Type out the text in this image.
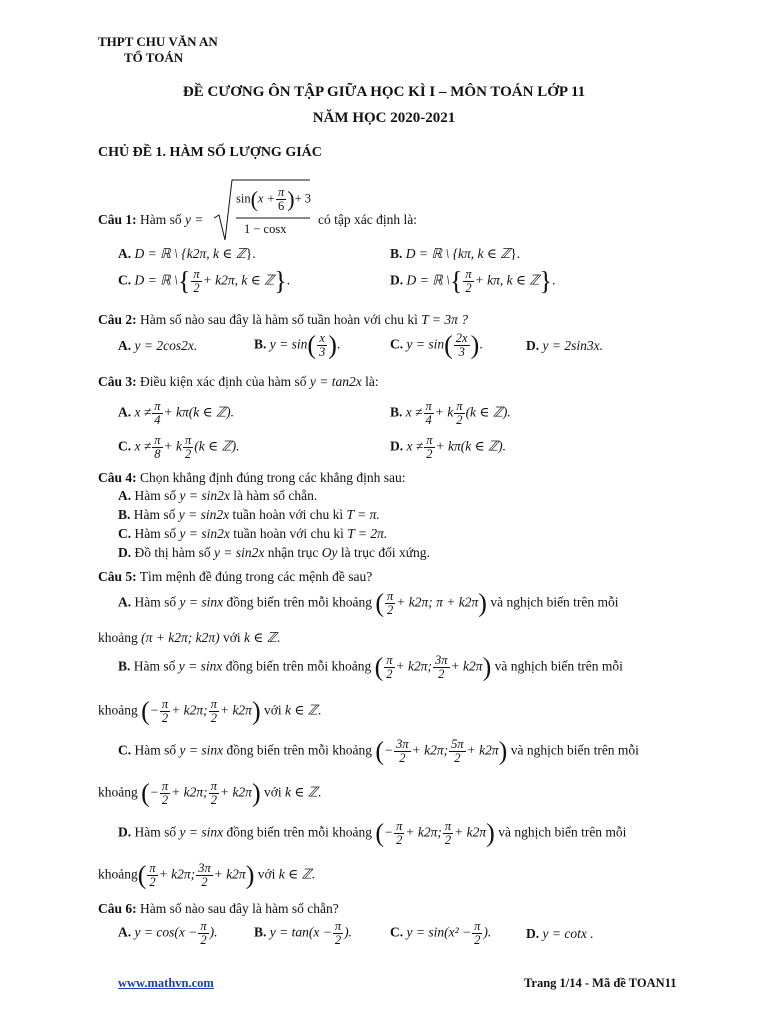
THPT CHU VĂN AN
TỔ TOÁN
ĐỀ CƯƠNG ÔN TẬP GIỮA HỌC KÌ I – MÔN TOÁN LỚP 11
NĂM HỌC 2020-2021
CHỦ ĐỀ 1. HÀM SỐ LƯỢNG GIÁC
Câu 1: Hàm số y =
$\sin(x + \frac{\pi}{6}$ )+ 3
1 − cosx
có tập xác định là:
A. D = ℝ \ {k2π, k ∈ ℤ}.	B. D = ℝ \ {kπ, k ∈ ℤ}.
C. D = ℝ \{ $\frac{\pi}{2} + k2\pi$, k ∈ ℤ}.	D. D = ℝ \{ $\frac{\pi}{2} + k\pi$, k ∈ ℤ}.
Câu 2: Hàm số nào sau đây là hàm số tuần hoàn với chu kì T = 3π ?
A. y = 2cos2x.	B. $y = \sin( \frac{x}{3}$ ).	C. $y = \sin( \frac{2x}{3}$ ).	D. y = 2sin3x.
Câu 3: Điều kiện xác định của hàm số y = tan2x là:
A. $x \ne \frac{\pi}{4} + k\pi(k$ ∈ ℤ).	B. $x \ne \frac{\pi}{4} + k \frac{\pi}{2} (k$ ∈ ℤ).
C. $x \ne \frac{\pi}{8} + k \frac{\pi}{2} (k$ ∈ ℤ).	D. $x \ne \frac{\pi}{2} + k\pi(k$ ∈ ℤ).
Câu 4: Chọn khẳng định đúng trong các khẳng định sau:
A. Hàm số y = sin2x là hàm số chẵn.
B. Hàm số y = sin2x tuần hoàn với chu kì T = π.
C. Hàm số y = sin2x tuần hoàn với chu kì T = 2π.
D. Đồ thị hàm số y = sin2x nhận trục Oy là trục đối xứng.
Câu 5: Tìm mệnh đề đúng trong các mệnh đề sau?
A. Hàm số y = sinx đồng biến trên mỗi khoảng ( $\frac{\pi}{2} + k2\pi$; π + k2π) và nghịch biến trên mỗi
khoảng (π + k2π; k2π) với k ∈ ℤ.
B. Hàm số y = sinx đồng biến trên mỗi khoảng ( $\frac{\pi}{2} + k2\pi$; $\frac{3\pi}{2} + k2\pi$) và nghịch biến trên mỗi
khoảng (− $\frac{\pi}{2} + k2\pi$; $\frac{\pi}{2} + k2\pi$) với k ∈ ℤ.
C. Hàm số y = sinx đồng biến trên mỗi khoảng (− $\frac{3\pi}{2} + k2\pi$; $\frac{5\pi}{2} + k2\pi$) và nghịch biến trên mỗi
khoảng (− $\frac{\pi}{2} + k2\pi$; $\frac{\pi}{2} + k2\pi$) với k ∈ ℤ.
D. Hàm số y = sinx đồng biến trên mỗi khoảng (− $\frac{\pi}{2} + k2\pi$; $\frac{\pi}{2} + k2\pi$) và nghịch biến trên mỗi
khoảng( $\frac{\pi}{2} + k2\pi$; $\frac{3\pi}{2} + k2\pi$) với k ∈ ℤ.
Câu 6: Hàm số nào sau đây là hàm số chẵn?
A. $y = \cos(x - \frac{\pi}{2}$ ).	B. $y = \tan(x - \frac{\pi}{2}$ ).	C. $y = \sin(x^2 - \frac{\pi}{2}$ ).	D. y = cotx .
www.mathvn.com	Trang 1/14 - Mã đề TOAN11
